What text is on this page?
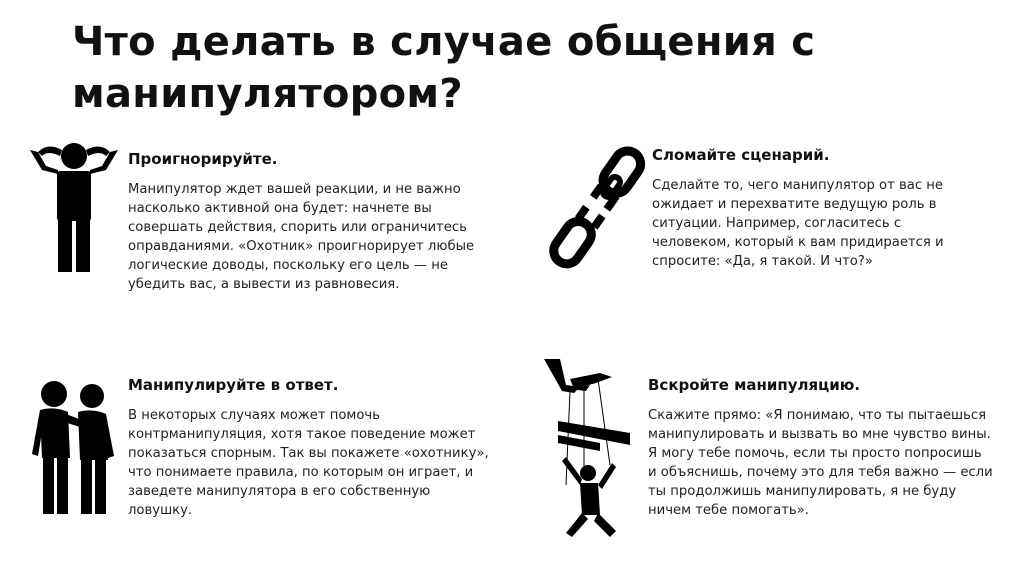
Что делать в случае общения с манипулятором?
Проигнорируйте.

Манипулятор ждет вашей реакции, и не важно насколько активной она будет: начнете вы совершать действия, спорить или ограничитесь оправданиями. «Охотник» проигнорирует любые логические доводы, поскольку его цель — не убедить вас, а вывести из равновесия.

Сломайте сценарий.

Сделайте то, чего манипулятор от вас не ожидает и перехватите ведущую роль в ситуации. Например, согласитесь с человеком, который к вам придирается и спросите: «Да, я такой. И что?»

Манипулируйте в ответ.

В некоторых случаях может помочь контрманипуляция, хотя такое поведение может показаться спорным. Так вы покажете «охотнику», что понимаете правила, по которым он играет, и заведете манипулятора в его собственную ловушку.

Вскройте манипуляцию.

Скажите прямо: «Я понимаю, что ты пытаешься манипулировать и вызвать во мне чувство вины. Я могу тебе помочь, если ты просто попросишь и объяснишь, почему это для тебя важно — если ты продолжишь манипулировать, я не буду ничем тебе помогать».
